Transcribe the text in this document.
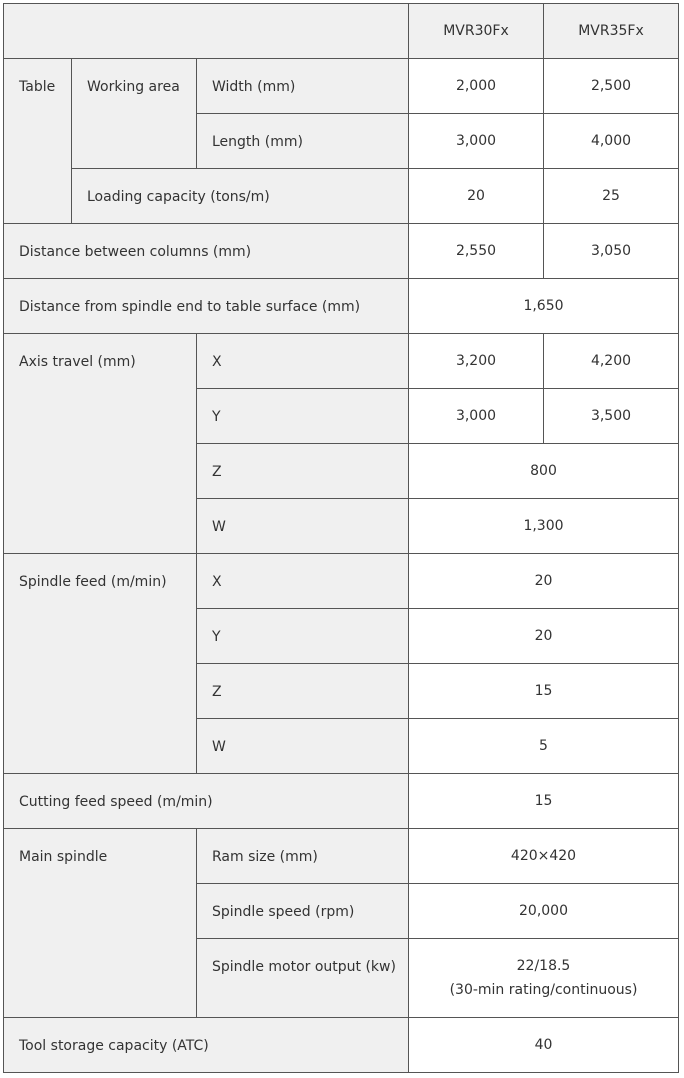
			MVR30Fx	MVR35Fx

Table	Working area	Width (mm)	2,000	2,500

		Length (mm)	3,000	4,000

	Loading capacity (tons/m)		20	25

Distance between columns (mm)			2,550	3,050

Distance from spindle end to table surface (mm)			1,650	

Axis travel (mm)		X	3,200	4,200

		Y	3,000	3,500

		Z	800	

		W	1,300	

Spindle feed (m/min)		X	20	

		Y	20	

		Z	15	

		W	5	

Cutting feed speed (m/min)			15	

Main spindle		Ram size (mm)	420×420	

		Spindle speed (rpm)	20,000	

		Spindle motor output (kw)	22/18.5
(30-min rating/continuous)	

Tool storage capacity (ATC)			40	
